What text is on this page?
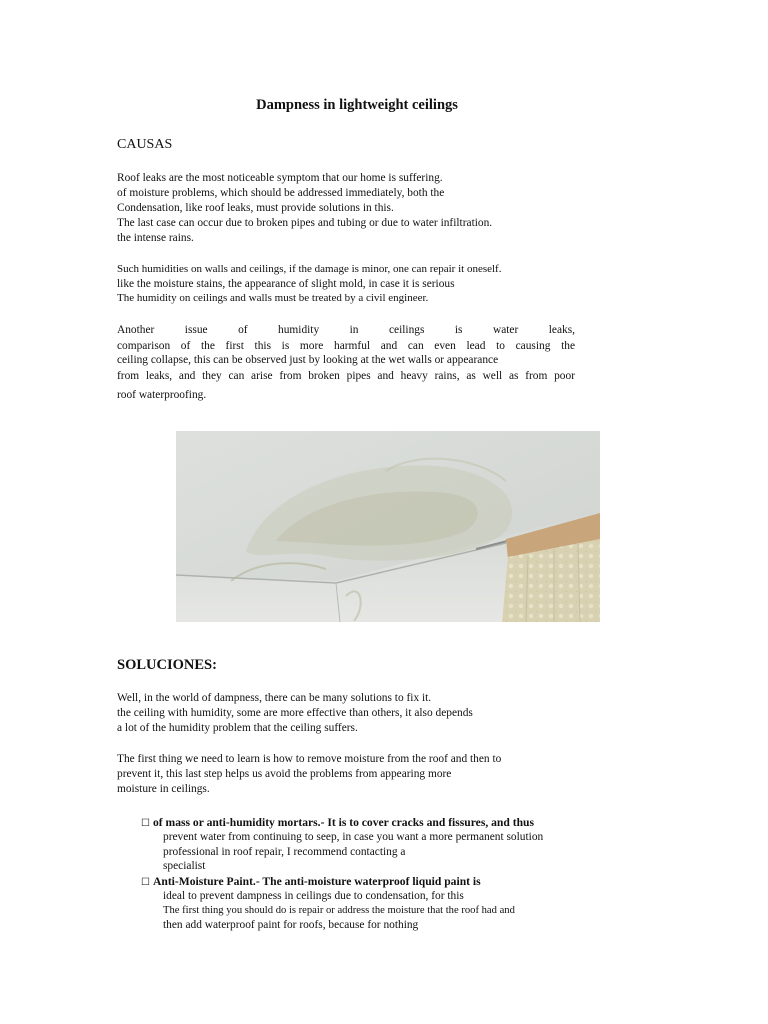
Dampness in lightweight ceilings
CAUSAS
Roof leaks are the most noticeable symptom that our home is suffering.
of moisture problems, which should be addressed immediately, both the
Condensation, like roof leaks, must provide solutions in this.
The last case can occur due to broken pipes and tubing or due to water infiltration.
the intense rains.
Such humidities on walls and ceilings, if the damage is minor, one can repair it oneself.
like the moisture stains, the appearance of slight mold, in case it is serious
The humidity on ceilings and walls must be treated by a civil engineer.
Another issue of humidity in ceilings is water leaks,
comparison of the first this is more harmful and can even lead to causing the
ceiling collapse, this can be observed just by looking at the wet walls or appearance
from leaks, and they can arise from broken pipes and heavy rains, as well as from poor
roof waterproofing.
SOLUCIONES:
Well, in the world of dampness, there can be many solutions to fix it.
the ceiling with humidity, some are more effective than others, it also depends
a lot of the humidity problem that the ceiling suffers.
The first thing we need to learn is how to remove moisture from the roof and then to
prevent it, this last step helps us avoid the problems from appearing more
moisture in ceilings.
☐ of mass or anti-humidity mortars.- It is to cover cracks and fissures, and thus
prevent water from continuing to seep, in case you want a more permanent solution
professional in roof repair, I recommend contacting a
specialist
☐ Anti-Moisture Paint.- The anti-moisture waterproof liquid paint is
ideal to prevent dampness in ceilings due to condensation, for this
The first thing you should do is repair or address the moisture that the roof had and
then add waterproof paint for roofs, because for nothing
